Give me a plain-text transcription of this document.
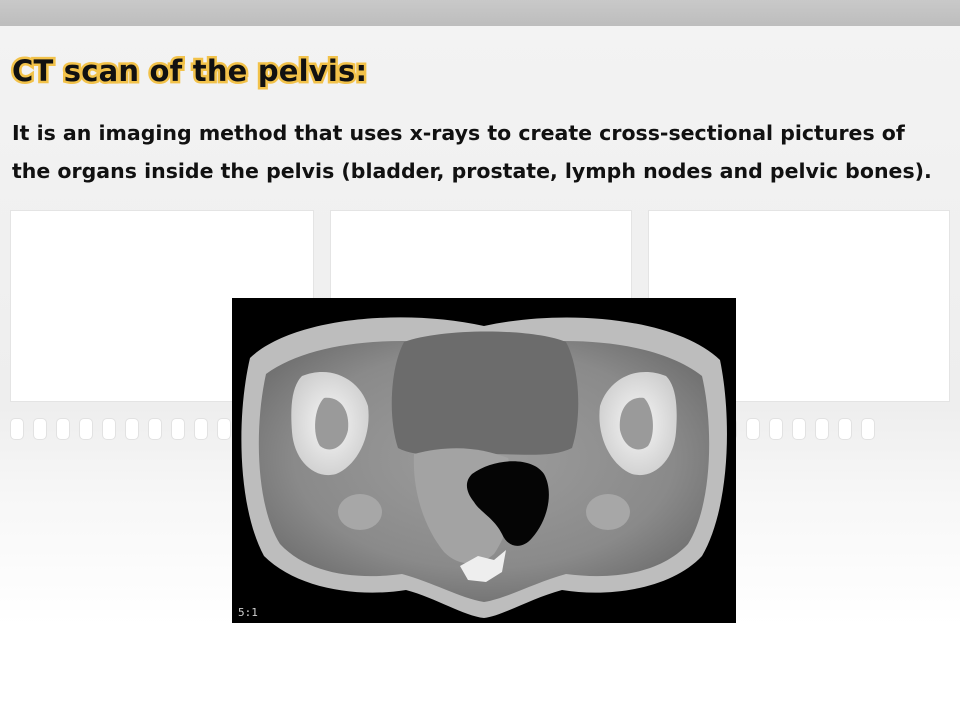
CT scan of the pelvis:

It is an imaging method that uses x-rays to create cross-sectional pictures of the organs inside the pelvis (bladder, prostate, lymph nodes and pelvic bones).

5:1
